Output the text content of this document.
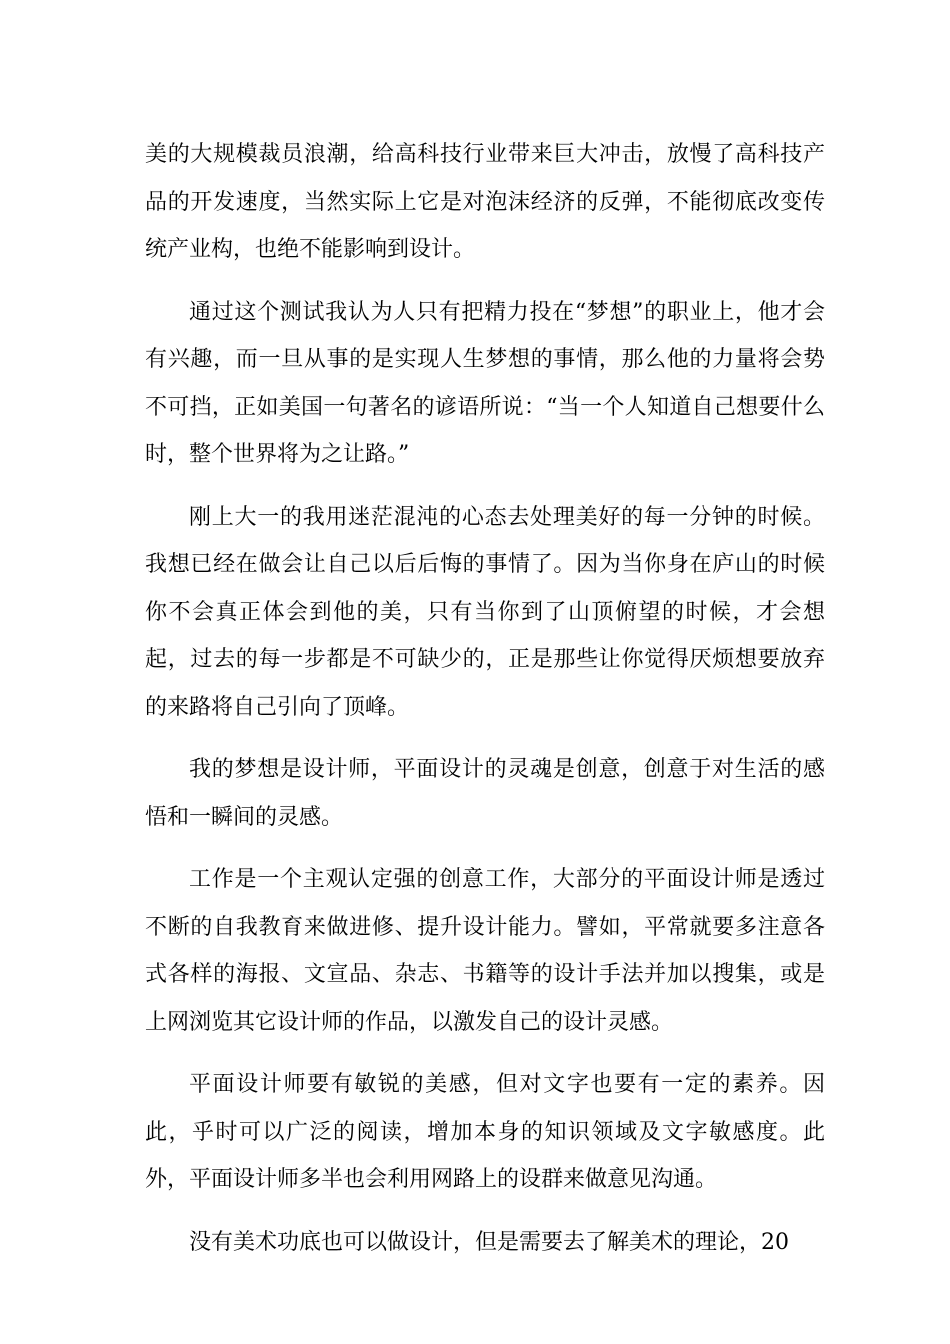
美的大规模裁员浪潮，给高科技行业带来巨大冲击，放慢了高科技产品的开发速度，当然实际上它是对泡沫经济的反弹，不能彻底改变传统产业构，也绝不能影响到设计。

通过这个测试我认为人只有把精力投在“梦想”的职业上，他才会有兴趣，而一旦从事的是实现人生梦想的事情，那么他的力量将会势不可挡，正如美国一句著名的谚语所说：“当一个人知道自己想要什么时，整个世界将为之让路。”

刚上大一的我用迷茫混沌的心态去处理美好的每一分钟的时候。我想已经在做会让自己以后后悔的事情了。因为当你身在庐山的时候你不会真正体会到他的美，只有当你到了山顶俯望的时候，才会想起，过去的每一步都是不可缺少的，正是那些让你觉得厌烦想要放弃的来路将自己引向了顶峰。

我的梦想是设计师，平面设计的灵魂是创意，创意于对生活的感悟和一瞬间的灵感。

工作是一个主观认定强的创意工作，大部分的平面设计师是透过不断的自我教育来做进修、提升设计能力。譬如，平常就要多注意各式各样的海报、文宣品、杂志、书籍等的设计手法并加以搜集，或是上网浏览其它设计师的作品，以激发自己的设计灵感。

平面设计师要有敏锐的美感，但对文字也要有一定的素养。因此，乎时可以广泛的阅读，增加本身的知识领域及文字敏感度。此外，平面设计师多半也会利用网路上的设群来做意见沟通。

没有美术功底也可以做设计，但是需要去了解美术的理论，20
